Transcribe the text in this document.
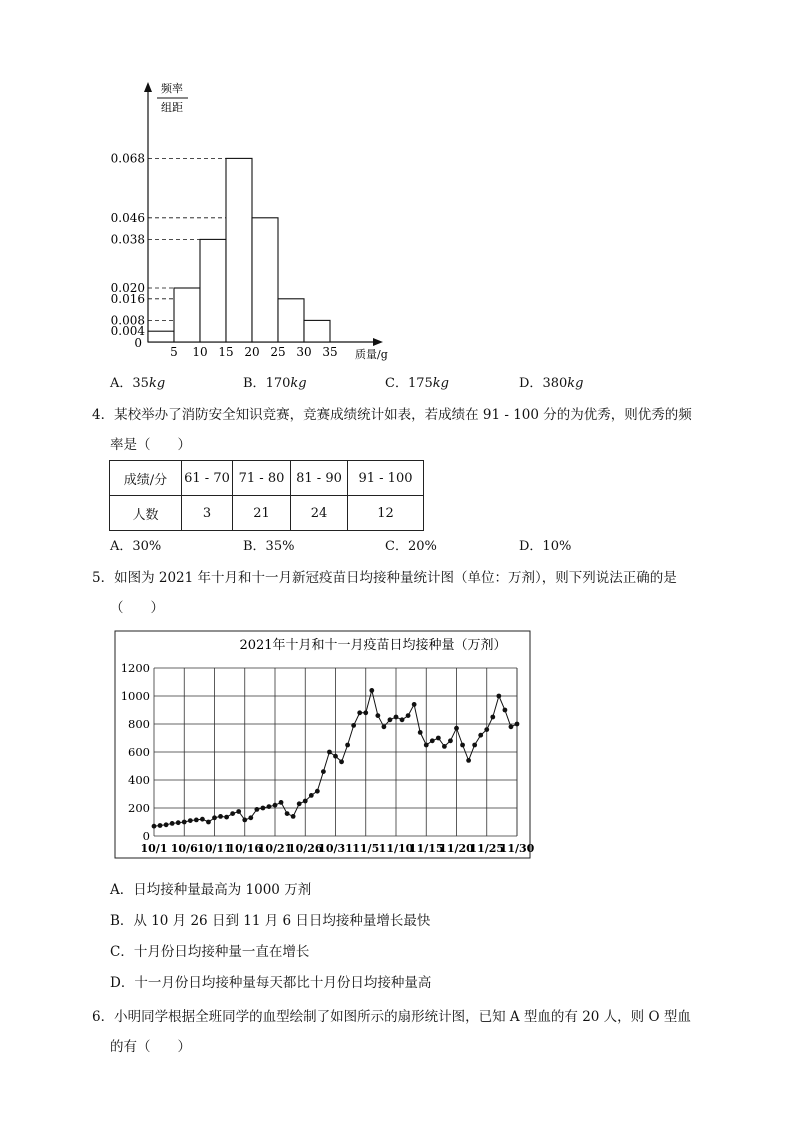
频率
组距
0
质量/g
0.004
0.008
0.016
0.020
0.038
0.046
0.068
5 10 15 20 25 30 35
A．35kg	B．170kg	C．175kg	D．380kg
4．某校举办了消防安全知识竞赛，竞赛成绩统计如表，若成绩在 91 - 100 分的为优秀，则优秀的频
率是（　　）
成绩/分	61 - 70	71 - 80	81 - 90	91 - 100
人数	3	21	24	12
A．30%	B．35%	C．20%	D．10%
5．如图为 2021 年十月和十一月新冠疫苗日均接种量统计图（单位：万剂），则下列说法正确的是
（　　）
2021年十月和十一月疫苗日均接种量（万剂）
0
200
400
600
800
1000
1200
10/1 10/6 10/11
10/16
10/21
10/26
10/31 11/5 11/10
11/15
11/20
11/25
11/30
A．日均接种量最高为 1000 万剂
B．从 10 月 26 日到 11 月 6 日日均接种量增长最快
C．十月份日均接种量一直在增长
D．十一月份日均接种量每天都比十月份日均接种量高
6．小明同学根据全班同学的血型绘制了如图所示的扇形统计图，已知 A 型血的有 20 人，则 O 型血
的有（　　）
